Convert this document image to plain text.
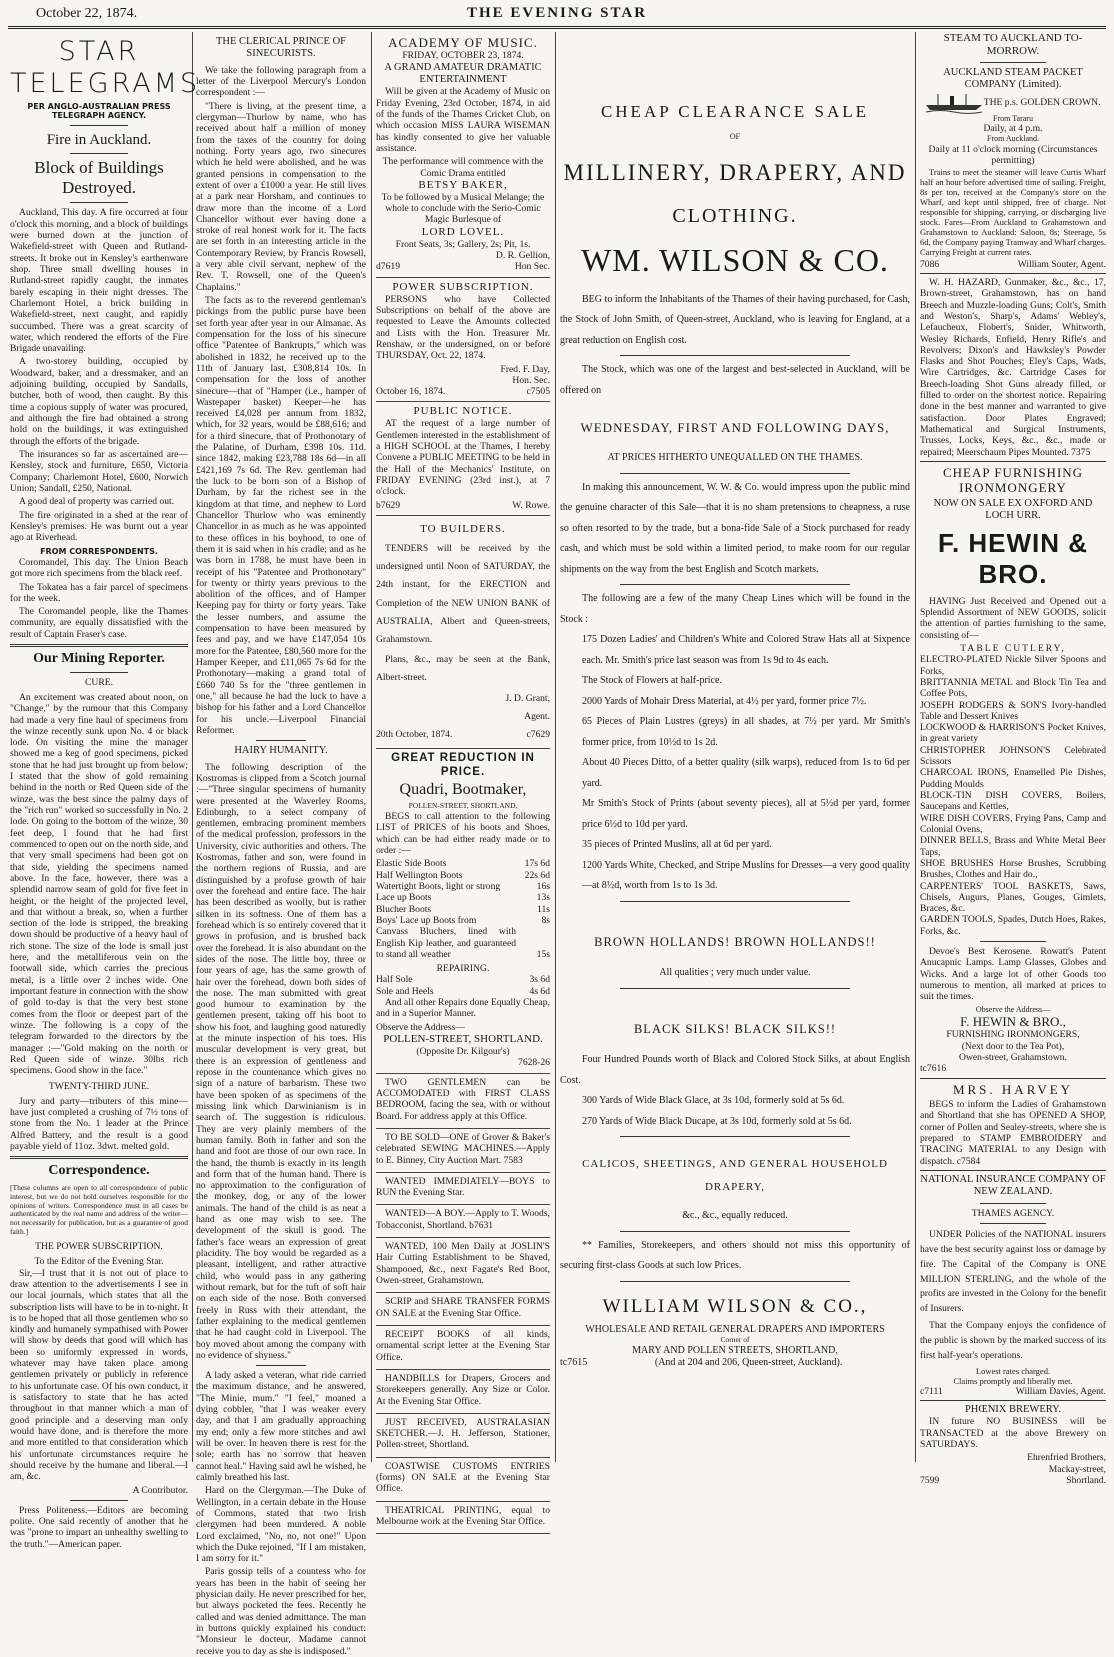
October 22, 1874.	THE EVENING STAR
STAR TELEGRAMS
PER ANGLO-AUSTRALIAN PRESS TELEGRAPH AGENCY.
Fire in Auckland.
Block of Buildings Destroyed.

Auckland, This day. A fire occurred at four o'clock this morning, and a block of buildings were burned down at the junction of Wakefield-street with Queen and Rutland-streets. It broke out in Kensley's earthenware shop. Three small dwelling houses in Rutland-street rapidly caught, the inmates barely escaping in their night dresses. The Charlemont Hotel, a brick building in Wakefield-street, next caught, and rapidly succumbed. There was a great scarcity of water, which rendered the efforts of the Fire Brigade unavailing.

A two-storey building, occupied by Woodward, baker, and a dressmaker, and an adjoining building, occupied by Sandalls, butcher, both of wood, then caught. By this time a copious supply of water was procured, and although the fire had obtained a strong hold on the buildings, it was extinguished through the efforts of the brigade.

The insurances so far as ascertained are—Kensley, stock and furniture, £650, Victoria Company; Charlemont Hotel, £600, Norwich Union; Sandall, £250, National.

A good deal of property was carried out.

The fire originated in a shed at the rear of Kensley's premises. He was burnt out a year ago at Riverhead.

FROM CORRESPONDENTS.

Coromandel, This day. The Union Beach got more rich specimens from the black reef.

The Tokatea has a fair parcel of specimens for the week.

The Coromandel people, like the Thames community, are equally dissatisfied with the result of Captain Fraser's case.

Our Mining Reporter.
CURE.

An excitement was created about noon, on "Change," by the rumour that this Company had made a very fine haul of specimens from the winze recently sunk upon No. 4 or black lode. On visiting the mine the manager showed me a keg of good specimens, picked stone that he had just brought up from below; I stated that the show of gold remaining behind in the north or Red Queen side of the winze, was the best since the palmy days of the "rich run" worked so successfully in No. 2 lode. On going to the bottom of the winze, 30 feet deep, I found that he had first commenced to open out on the north side, and that very small specimens had been got on that side, yielding the specimens named above. In the face, however, there was a splendid narrow seam of gold for five feet in height, or the height of the projected level, and that without a break, so, when a further section of the lode is stripped, the breaking down should be productive of a heavy haul of rich stone. The size of the lode is small just here, and the metalliferous vein on the footwall side, which carries the precious metal, is a little over 2 inches wide. One important feature in connection with the show of gold to-day is that the very best stone comes from the floor or deepest part of the winze. The following is a copy of the telegram forwarded to the directors by the manager :—"Gold making on the north or Red Queen side of winze. 30lbs rich specimens. Good show in the face."

TWENTY-THIRD JUNE.

Jury and party—tributers of this mine—have just completed a crushing of 7½ tons of stone from the No. 1 leader at the Prince Alfred Battery, and the result is a good payable yield of 11oz. 3dwt. melted gold.

Correspondence.

[These columns are open to all correspondence of public interest, but we do not hold ourselves responsible for the opinions of writers. Correspondence must in all cases be authenticated by the real name and address of the writer—not necessarily for publication, but as a guarantee of good faith.]

THE POWER SUBSCRIPTION.
To the Editor of the Evening Star.

Sir,—I trust that it is not out of place to draw attention to the advertisements I see in our local journals, which states that all the subscription lists will have to be in to-night. It is to be hoped that all those gentlemen who so kindly and humanely sympathised with Power will show by deeds that good will which has been so uniformly expressed in words, whatever may have taken place among gentlemen privately or publicly in reference to his unfortunate case. Of his own conduct, it is satisfactory to state that he has acted throughout in that manner which a man of good principle and a deserving man only would have done, and is therefore the more and more entitled to that consideration which his unfortunate circumstances require he should receive by the humane and liberal.—I am, &c.

A Contributor.

Press Politeness.—Editors are becoming polite. One said recently of another that he was "prone to impart an unhealthy swelling to the truth."—American paper.

THE CLERICAL PRINCE OF SINECURISTS.

We take the following paragraph from a letter of the Liverpool Mercury's London correspondent :—

"There is living, at the present time, a clergyman—Thurlow by name, who has received about half a million of money from the taxes of the country for doing nothing. Forty years ago, two sinecures which he held were abolished, and he was granted pensions in compensation to the extent of over a £1000 a year. He still lives at a park near Horsham, and continues to draw more than the income of a Lord Chancellor without ever having done a stroke of real honest work for it. The facts are set forth in an interesting article in the Contemporary Review, by Francis Rowsell, a very able civil servant, nephew of the Rev. T. Rowsell, one of the Queen's Chaplains."

The facts as to the reverend gentleman's pickings from the public purse have been set forth year after year in our Almanac. As compensation for the loss of his sinecure office "Patentee of Bankrupts," which was abolished in 1832, he received up to the 11th of January last, £308,814 10s. In compensation for the loss of another sinecure—that of "Hamper (i.e., hamper of Wastepaper basket) Keeper—he has received £4,028 per annum from 1832, which, for 32 years, would be £88,616; and for a third sinecure, that of Prothonotary of the Palatine, of Durham, £398 10s. 11d. since 1842, making £23,788 18s 6d—in all £421,169 7s 6d. The Rev. gentleman had the luck to be born son of a Bishop of Durham, by far the richest see in the kingdom at that time, and nephew to Lord Chancellor Thurlow who was eminently Chancellor in as much as he was appointed to these offices in his boyhood, to one of them it is said when in his cradle; and as he was born in 1788, he must have been in receipt of his "Patentee and Prothonotary" for twenty or thirty years previous to the abolition of the offices, and of Hamper Keeping pay for thirty or forty years. Take the lesser numbers, and assume the compensation to have been measured by fees and pay, and we have £147,054 10s more for the Patentee, £80,560 more for the Hamper Keeper, and £11,065 7s 6d for the Prothonotary—making a grand total of £660 740 5s for the "three gentlemen in one," all because he had the luck to have a bishop for his father and a Lord Chancellor for his uncle.—Liverpool Financial Reformer.

HAIRY HUMANITY.

The following description of the Kostromas is clipped from a Scotch journal :—"Three singular specimens of humanity were presented at the Waverley Rooms, Edinburgh, to a select company of gentlemen, embracing prominent members of the medical profession, professors in the University, civic authorities and others. The Kostromas, father and son, were found in the northern regions of Russia, and are distinguished by a profuse growth of hair over the forehead and entire face. The hair has been described as woolly, but is rather silken in its softness. One of them has a forehead which is so entirely covered that it grows in profusion, and is brushed back over the forehead. It is also abundant on the sides of the nose. The little boy, three or four years of age, has the same growth of hair over the forehead, down both sides of the nose. The man submitted with great good humour to examination by the gentlemen present, taking off his boot to show his foot, and laughing good naturedly at the minute inspection of his toes. His muscular development is very great, but there is an expression of gentleness and repose in the countenance which gives no sign of a nature of barbarism. These two have been spoken of as specimens of the missing link which Darwinianism is in search of. The suggestion is ridiculous. They are very plainly members of the human family. Both in father and son the hand and foot are those of our own race. In the hand, the thumb is exactly in its length and form that of the human hand. There is no approximation to the configuration of the monkey, dog, or any of the lower animals. The hand of the child is as neat a hand as one may wish to see. The development of the skull is good. The father's face wears an expression of great placidity. The boy would be regarded as a pleasant, intelligent, and rather attractive child, who would pass in any gathering without remark, but for the tuft of soft hair on each side of the nose. Both conversed freely in Russ with their attendant, the father explaining to the medical gentlemen that he had caught cold in Liverpool. The boy moved about among the company with no evidence of shyness."

A lady asked a veteran, what ride carried the maximum distance, and he answered, "The Minie, mum." "I feel," moaned a dying cobbler, "that I was weaker every day, and that I am gradually approaching my end; only a few more stitches and awl will be over. In heaven there is rest for the sole; earth has no sorrow that heaven cannot heal." Having said awl he wished, he calmly breathed his last.

Hard on the Clergyman.—The Duke of Wellington, in a certain debate in the House of Commons, stated that two Irish clergymen had been murdered. A noble Lord exclaimed, "No, no, not one!" Upon which the Duke rejoined, "If I am mistaken, I am sorry for it."

Paris gossip tells of a countess who for years has been in the habit of seeing her physician daily. He never prescribed for her, but always pocketed the fees. Recently he called and was denied admittance. The man in buttons quickly explained his conduct: "Monsieur le docteur, Madame cannot receive you to day as she is indisposed."

ACADEMY OF MUSIC.
FRIDAY, OCTOBER 23, 1874.
A GRAND AMATEUR DRAMATIC ENTERTAINMENT

Will be given at the Academy of Music on Friday Evening, 23rd October, 1874, in aid of the funds of the Thames Cricket Club, on which occasion MISS LAURA WISEMAN has kindly consented to give her valuable assistance.

The performance will commence with the Comic Drama entitled
BETSY BAKER,
To be followed by a Musical Melange; the whole to conclude with the Serio-Comic Magic Burlesque of
LORD LOVEL.
Front Seats, 3s; Gallery, 2s; Pit, 1s.
D. R. Gellion,
d7619	Hon Sec.
POWER SUBSCRIPTION.

PERSONS who have Collected Subscriptions on behalf of the above are requested to Leave the Amounts collected and Lists with the Hon. Treasurer Mr. Renshaw, or the undersigned, on or before THURSDAY, Oct. 22, 1874.

Fred. F. Day,
Hon. Sec.
October 16, 1874.	c7505
PUBLIC NOTICE.

AT the request of a large number of Gentlemen interested in the establishment of a HIGH SCHOOL at the Thames, I hereby Convene a PUBLIC MEETING to be held in the Hall of the Mechanics' Institute, on FRIDAY EVENING (23rd inst.), at 7 o'clock.

b7629	W. Rowe.
TO BUILDERS.

TENDERS will be received by the undersigned until Noon of SATURDAY, the 24th instant, for the ERECTION and Completion of the NEW UNION BANK of AUSTRALIA, Albert and Queen-streets, Grahamstown.

Plans, &c., may be seen at the Bank, Albert-street.

J. D. Grant,
Agent.
20th October, 1874.	c7629
GREAT REDUCTION IN PRICE.
Quadri, Bootmaker,
POLLEN-STREET, SHORTLAND,

BEGS to call attention to the following LIST of PRICES of his boots and Shoes, which can be had either ready made or to order :—

Elastic Side Boots	17s 6d
Half Wellington Boots	22s 6d
Watertight Boots, light or strong	16s
Lace up Boots	13s
Blucher Boots	11s
Boys' Lace up Boots from	8s
Canvass Bluchers, lined with English Kip leather, and guaranteed to stand all weather	15s
REPAIRING.
Half Sole	3s 6d
Sole and Heels	4s 6d

And all other Repairs done Equally Cheap, and in a Superior Manner.

Observe the Address—
POLLEN-STREET, SHORTLAND.
(Opposite Dr. Kilgour's)
7628-26

TWO GENTLEMEN can be ACCOMODATED with FIRST CLASS BEDROOM, facing the sea, with or without Board. For address apply at this Office.

TO BE SOLD—ONE of Grover & Baker's celebrated SEWING MACHINES.—Apply to E. Binney, City Auction Mart. 7583

WANTED IMMEDIATELY—BOYS to RUN the Evening Star.

WANTED—A BOY.—Apply to T. Woods, Tobacconist, Shortland. b7631

WANTED, 100 Men Daily at JOSLIN'S Hair Cutting Establishment to be Shaved, Shampooed, &c., next Fagate's Red Boot, Owen-street, Grahamstown.

SCRIP and SHARE TRANSFER FORMS ON SALE at the Evening Star Office.

RECEIPT BOOKS of all kinds, ornamental script letter at the Evening Star Office.

HANDBILLS for Drapers, Grocers and Storekeepers generally. Any Size or Color. At the Evening Star Office.

JUST RECEIVED, AUSTRALASIAN SKETCHER.—J. H. Jefferson, Stationer, Pollen-street, Shortland.

COASTWISE CUSTOMS ENTRIES (forms) ON SALE at the Evening Star Office.

THEATRICAL PRINTING, equal to Melbourne work at the Evening Star Office.

CHEAP CLEARANCE SALE
OF
MILLINERY, DRAPERY, AND
CLOTHING.
WM. WILSON & CO.

BEG to inform the Inhabitants of the Thames of their having purchased, for Cash, the Stock of John Smith, of Queen-street, Auckland, who is leaving for England, at a great reduction on English cost.

The Stock, which was one of the largest and best-selected in Auckland, will be offered on

WEDNESDAY, FIRST AND FOLLOWING DAYS,
AT PRICES HITHERTO UNEQUALLED ON THE THAMES.

In making this announcement, W. W. & Co. would impress upon the public mind the genuine character of this Sale—that it is no sham pretensions to cheapness, a ruse so often resorted to by the trade, but a bona-fide Sale of a Stock purchased for ready cash, and which must be sold within a limited period, to make room for our regular shipments on the way from the best English and Scotch markets.

The following are a few of the many Cheap Lines which will be found in the Stock :

175 Dozen Ladies' and Children's White and Colored Straw Hats all at Sixpence each. Mr. Smith's price last season was from 1s 9d to 4s each.

The Stock of Flowers at half-price.

2000 Yards of Mohair Dress Material, at 4½ per yard, former price 7½.

65 Pieces of Plain Lustres (greys) in all shades, at 7½ per yard. Mr Smith's former price, from 10½d to 1s 2d.

About 40 Pieces Ditto, of a better quality (silk warps), reduced from 1s to 6d per yard.

Mr Smith's Stock of Prints (about seventy pieces), all at 5½d per yard, former price 6½d to 10d per yard.

35 pieces of Printed Muslins, all at 6d per yard.

1200 Yards White, Checked, and Stripe Muslins for Dresses—a very good quality—at 8½d, worth from 1s to 1s 3d.

BROWN HOLLANDS! BROWN HOLLANDS!!
All qualities ; very much under value.
BLACK SILKS! BLACK SILKS!!

Four Hundred Pounds worth of Black and Colored Stock Silks, at about English Cost.

300 Yards of Wide Black Glace, at 3s 10d, formerly sold at 5s 6d.

270 Yards of Wide Black Ducape, at 3s 10d, formerly sold at 5s 6d.

CALICOS, SHEETINGS, AND GENERAL HOUSEHOLD DRAPERY,
&c., &c., equally reduced.

** Families, Storekeepers, and others should not miss this opportunity of securing first-class Goods at such low Prices.

WILLIAM WILSON & CO.,
WHOLESALE AND RETAIL GENERAL DRAPERS AND IMPORTERS
Corner of
MARY AND POLLEN STREETS, SHORTLAND,
tc7615	(And at 204 and 206, Queen-street, Auckland).
STEAM TO AUCKLAND TO-MORROW.
AUCKLAND STEAM PACKET COMPANY (Limited).
THE p.s. GOLDEN CROWN.
From Tararu
Daily, at 4 p.m.
From Auckland.
Daily at 11 o'clock morning (Circumstances permitting)

Trains to meet the steamer will leave Curtis Wharf half an hour before advertised time of sailing. Freight, 8s per ton, received at the Company's store on the Wharf, and kept until shipped, free of charge. Not responsible for shipping, carrying, or discharging live stock. Fares—From Auckland to Grahamstown and Grahamstown to Auckland: Saloon, 8s; Steerage, 5s 6d, the Company paying Tramway and Wharf charges. Carrying Freight at current rates.

7086	William Souter, Agent.

W. H. HAZARD, Gunmaker, &c., &c., 17, Brown-street, Grahamstown, has on hand Breech and Muzzle-loading Guns; Colt's, Smith and Weston's, Sharp's, Adams' Webley's, Lefaucheux, Flobert's, Snider, Whitworth, Wesley Richards, Enfield, Henry Rifle's and Revolvers; Dixon's and Hawksley's Powder Flasks and Shot Pouches; Eley's Caps, Wads, Wire Cartridges, &c. Cartridge Cases for Breech-loading Shot Guns already filled, or filled to order on the shortest notice. Repairing done in the best manner and warranted to give satisfaction. Door Plates Engraved; Mathematical and Surgical Instruments, Trusses, Locks, Keys, &c., &c., made or repaired; Meerschaum Pipes Mounted. 7375

CHEAP FURNISHING IRONMONGERY
NOW ON SALE EX OXFORD AND LOCH URR.
F. HEWIN & BRO.

HAVING Just Received and Opened out a Splendid Assortment of NEW GOODS, solicit the attention of parties furnishing to the same, consisting of—

TABLE CUTLERY,
ELECTRO-PLATED Nickle Silver Spoons and Forks,
BRITTANNIA METAL and Block Tin Tea and Coffee Pots,
JOSEPH RODGERS & SON'S Ivory-handled Table and Dessert Knives
LOCKWOOD & HARRISON'S Pocket Knives, in great variety
CHRISTOPHER JOHNSON'S Celebrated Scissors
CHARCOAL IRONS, Enamelled Pie Dishes, Pudding Moulds
BLOCK-TIN DISH COVERS, Boilers, Saucepans and Kettles,
WIRE DISH COVERS, Frying Pans, Camp and Colonial Ovens,
DINNER BELLS, Brass and White Metal Beer Taps,
SHOE BRUSHES Horse Brushes, Scrubbing Brushes, Clothes and Hair do.,
CARPENTERS' TOOL BASKETS, Saws, Chisels, Augurs, Planes, Gouges, Gimlets, Braces, &c.
GARDEN TOOLS, Spades, Dutch Hoes, Rakes, Forks, &c.

Devoe's Best Kerosene. Rowatt's Patent Anucapnic Lamps. Lamp Glasses, Globes and Wicks. And a large lot of other Goods too numerous to mention, all marked at prices to suit the times.

Observe the Address—
F. HEWIN & BRO.,
FURNISHING IRONMONGERS,
(Next door to the Tea Pot),
Owen-street, Grahamstown.
tc7616
MRS. HARVEY

BEGS to inform the Ladies of Grahamstown and Shortland that she has OPENED A SHOP, corner of Pollen and Sealey-streets, where she is prepared to STAMP EMBROIDERY and TRACING MATERIAL to any Design with dispatch. c7584

NATIONAL INSURANCE COMPANY OF NEW ZEALAND.
THAMES AGENCY.

UNDER Policies of the NATIONAL insurers have the best security against loss or damage by fire. The Capital of the Company is ONE MILLION STERLING, and the whole of the profits are invested in the Colony for the benefit of Insurers.

That the Company enjoys the confidence of the public is shown by the marked success of its first half-year's operations.

Lowest rates charged.
Claims promptly and liberally met.
c7111	William Davies, Agent.
PHŒNIX BREWERY.

IN future NO BUSINESS will be TRANSACTED at the above Brewery on SATURDAYS.

Ehrenfried Brothers,
Mackay-street,
7599	Shortland.
